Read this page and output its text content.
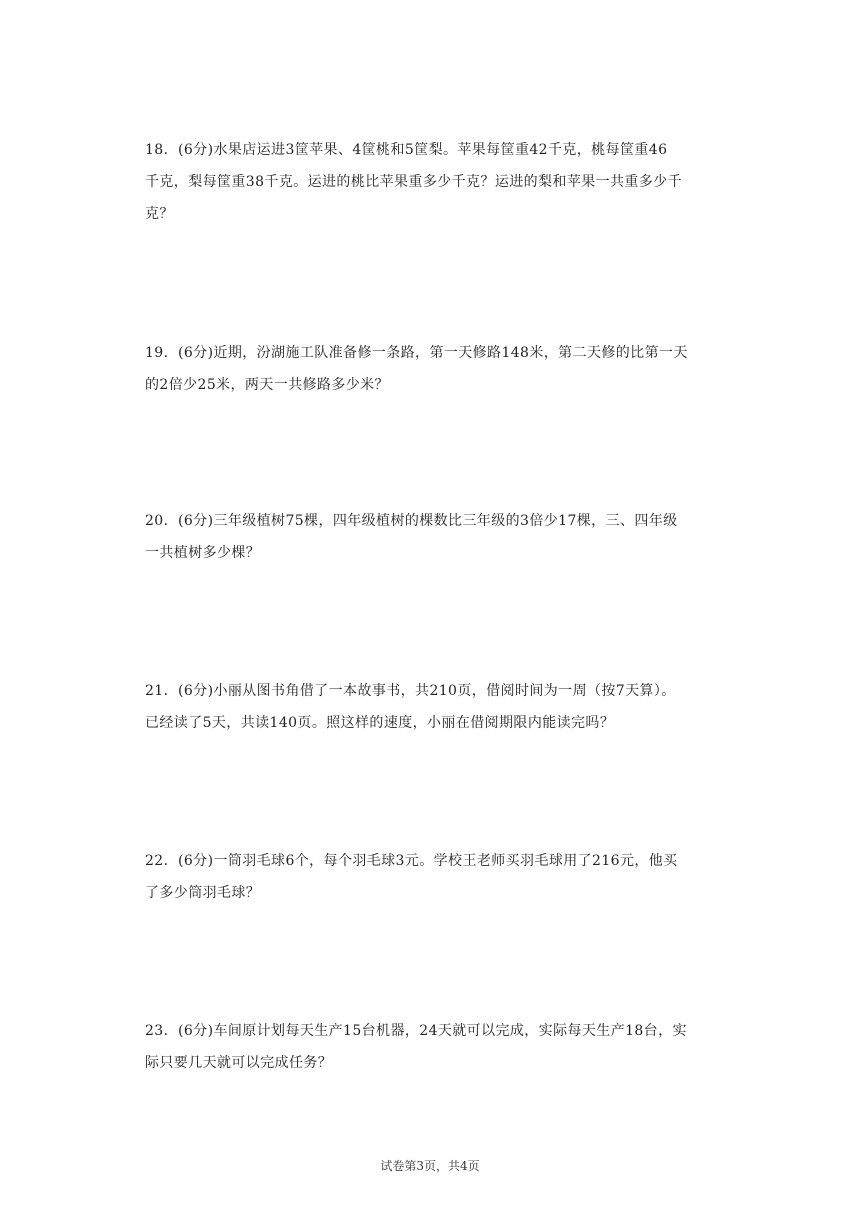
18．(6分)水果店运进3筐苹果、4筐桃和5筐梨。苹果每筐重42千克，桃每筐重46
千克，梨每筐重38千克。运进的桃比苹果重多少千克？运进的梨和苹果一共重多少千
克？
19．(6分)近期，汾湖施工队准备修一条路，第一天修路148米，第二天修的比第一天
的2倍少25米，两天一共修路多少米？
20．(6分)三年级植树75棵，四年级植树的棵数比三年级的3倍少17棵，三、四年级
一共植树多少棵？
21．(6分)小丽从图书角借了一本故事书，共210页，借阅时间为一周（按7天算）。
已经读了5天，共读140页。照这样的速度，小丽在借阅期限内能读完吗？
22．(6分)一筒羽毛球6个，每个羽毛球3元。学校王老师买羽毛球用了216元，他买
了多少筒羽毛球？
23．(6分)车间原计划每天生产15台机器，24天就可以完成，实际每天生产18台，实
际只要几天就可以完成任务？
试卷第3页，共4页
